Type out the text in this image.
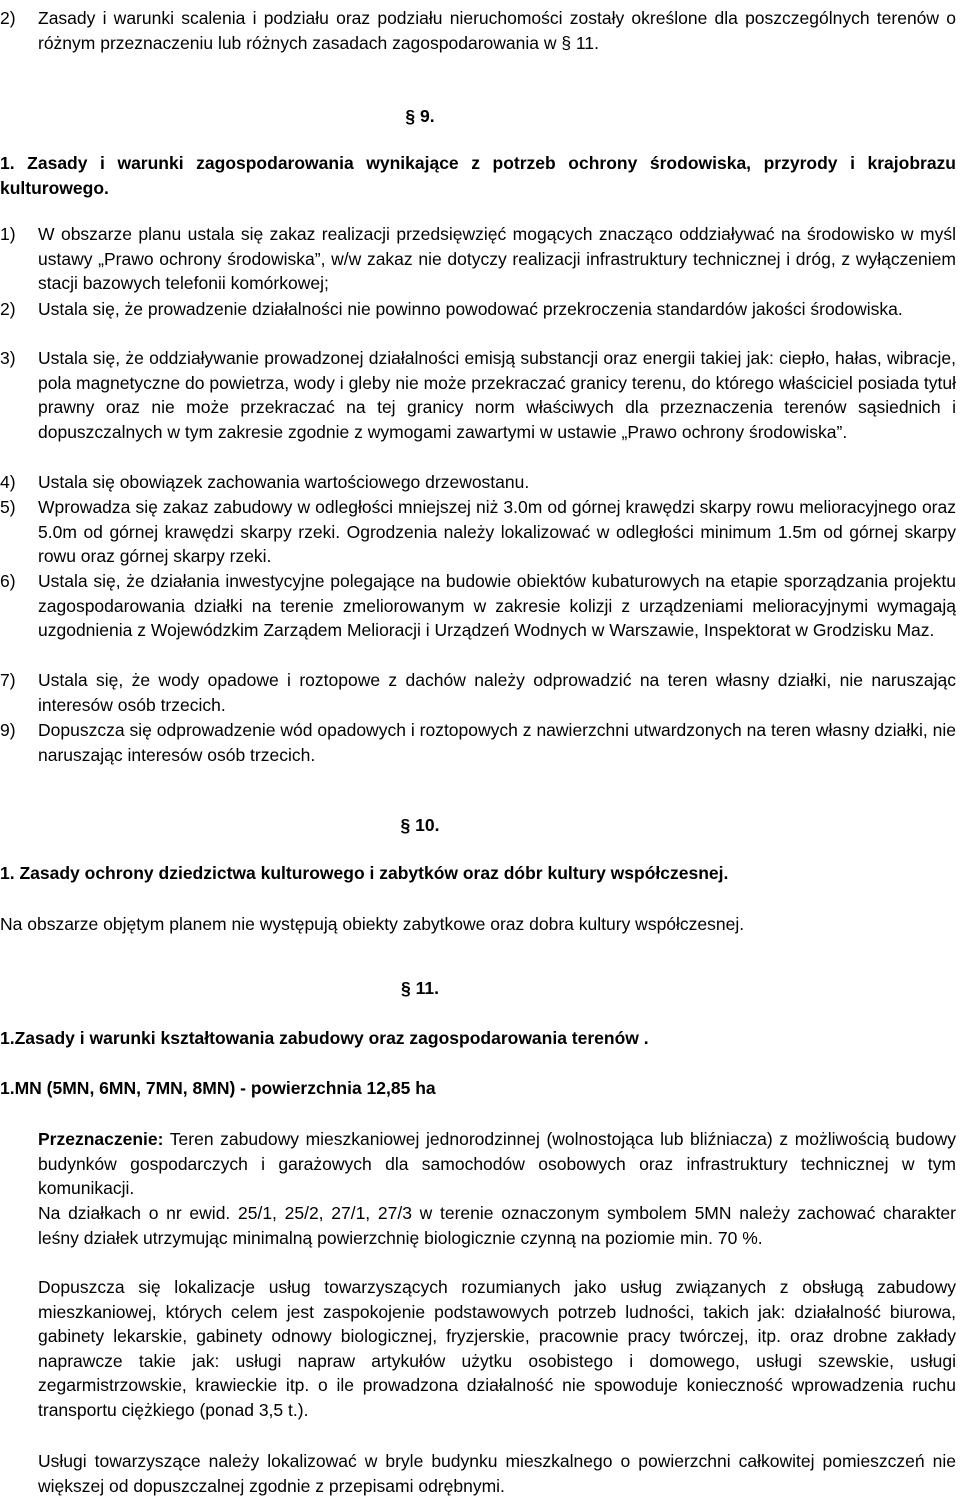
2) Zasady i warunki scalenia i podziału oraz podziału nieruchomości zostały określone dla poszczególnych terenów o różnym przeznaczeniu lub różnych zasadach zagospodarowania w § 11.
§ 9.
1. Zasady i warunki zagospodarowania wynikające z potrzeb ochrony środowiska, przyrody i krajobrazu kulturowego.
1) W obszarze planu ustala się zakaz realizacji przedsięwzięć mogących znacząco oddziaływać na środowisko w myśl ustawy „Prawo ochrony środowiska”, w/w zakaz nie dotyczy realizacji infrastruktury technicznej i dróg, z wyłączeniem stacji bazowych telefonii komórkowej;
2) Ustala się, że prowadzenie działalności nie powinno powodować przekroczenia standardów jakości środowiska.
3) Ustala się, że oddziaływanie prowadzonej działalności emisją substancji oraz energii takiej jak: ciepło, hałas, wibracje, pola magnetyczne do powietrza, wody i gleby nie może przekraczać granicy terenu, do którego właściciel posiada tytuł prawny oraz nie może przekraczać na tej granicy norm właściwych dla przeznaczenia terenów sąsiednich i dopuszczalnych w tym zakresie zgodnie z wymogami zawartymi w ustawie „Prawo ochrony środowiska”.
4) Ustala się obowiązek zachowania wartościowego drzewostanu.
5) Wprowadza się zakaz zabudowy w odległości mniejszej niż 3.0m od górnej krawędzi skarpy rowu melioracyjnego oraz 5.0m od górnej krawędzi skarpy rzeki. Ogrodzenia należy lokalizować w odległości minimum 1.5m od górnej skarpy rowu oraz górnej skarpy rzeki.
6) Ustala się, że działania inwestycyjne polegające na budowie obiektów kubaturowych na etapie sporządzania projektu zagospodarowania działki na terenie zmeliorowanym w zakresie kolizji z urządzeniami melioracyjnymi wymagają uzgodnienia z Wojewódzkim Zarządem Melioracji i Urządzeń Wodnych w Warszawie, Inspektorat w Grodzisku Maz.
7) Ustala się, że wody opadowe i roztopowe z dachów należy odprowadzić na teren własny działki, nie naruszając interesów osób trzecich.
9) Dopuszcza się odprowadzenie wód opadowych i roztopowych z nawierzchni utwardzonych na teren własny działki, nie naruszając interesów osób trzecich.
§ 10.
1. Zasady ochrony dziedzictwa kulturowego i zabytków oraz dóbr kultury współczesnej.
Na obszarze objętym planem nie występują obiekty zabytkowe oraz dobra kultury współczesnej.
§ 11.
1.Zasady i warunki kształtowania zabudowy oraz zagospodarowania terenów .
1.MN (5MN, 6MN, 7MN, 8MN) - powierzchnia 12,85 ha
Przeznaczenie: Teren zabudowy mieszkaniowej jednorodzinnej (wolnostojąca lub bliźniacza) z możliwością budowy budynków gospodarczych i garażowych dla samochodów osobowych oraz infrastruktury technicznej w tym komunikacji.
Na działkach o nr ewid. 25/1, 25/2, 27/1, 27/3 w terenie oznaczonym symbolem 5MN należy zachować charakter leśny działek utrzymując minimalną powierzchnię biologicznie czynną na poziomie min. 70 %.
Dopuszcza się lokalizacje usług towarzyszących rozumianych jako usług związanych z obsługą zabudowy mieszkaniowej, których celem jest zaspokojenie podstawowych potrzeb ludności, takich jak: działalność biurowa, gabinety lekarskie, gabinety odnowy biologicznej, fryzjerskie, pracownie pracy twórczej, itp. oraz drobne zakłady naprawcze takie jak: usługi napraw artykułów użytku osobistego i domowego, usługi szewskie, usługi zegarmistrzowskie, krawieckie itp. o ile prowadzona działalność nie spowoduje konieczność wprowadzenia ruchu transportu ciężkiego (ponad 3,5 t.).
Usługi towarzyszące należy lokalizować w bryle budynku mieszkalnego o powierzchni całkowitej pomieszczeń nie większej od dopuszczalnej zgodnie z przepisami odrębnymi.
